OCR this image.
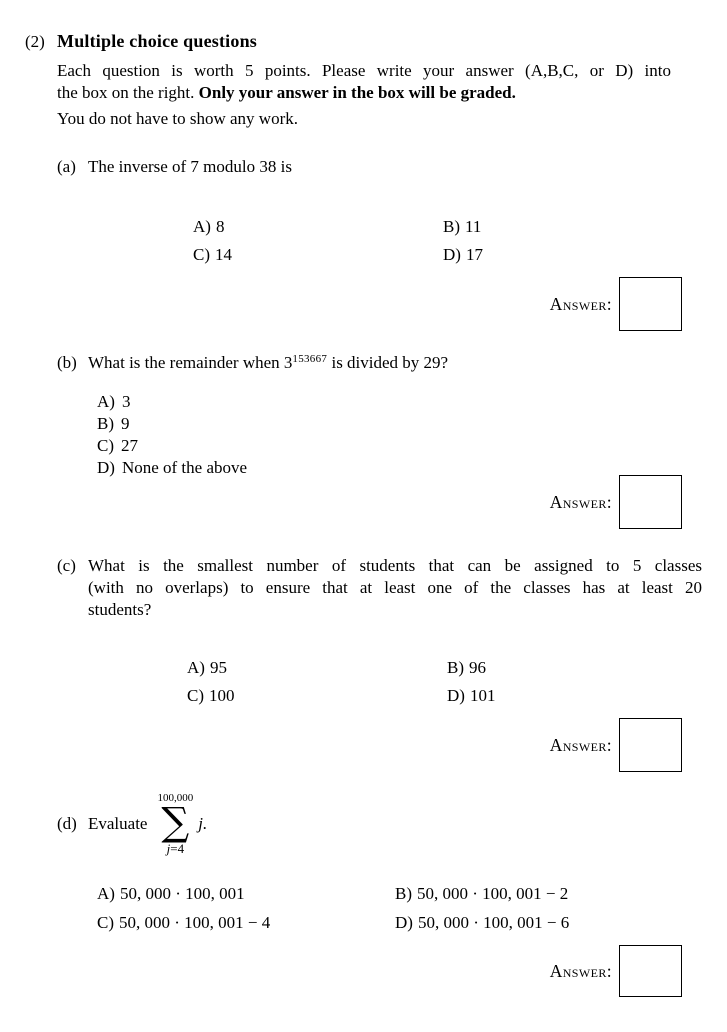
(2) Multiple choice questions
Each question is worth 5 points. Please write your answer (A,B,C, or D) into
the box on the right. Only your answer in the box will be graded.
You do not have to show any work.
(a) The inverse of 7 modulo 38 is
A) 8	B) 11
C) 14	D) 17
Answer:
(b) What is the remainder when $3^{153667}$ is divided by 29?
A) 3
B) 9
C) 27
D) None of the above
Answer:
(c) What is the smallest number of students that can be assigned to 5 classes
(with no overlaps) to ensure that at least one of the classes has at least 20
students?
A) 95	B) 96
C) 100	D) 101
Answer:
(d) Evaluate
100,000
∑
j=4
j.
A) 50, 000 · 100, 001	B) 50, 000 · 100, 001 − 2
C) 50, 000 · 100, 001 − 4	D) 50, 000 · 100, 001 − 6
Answer:
